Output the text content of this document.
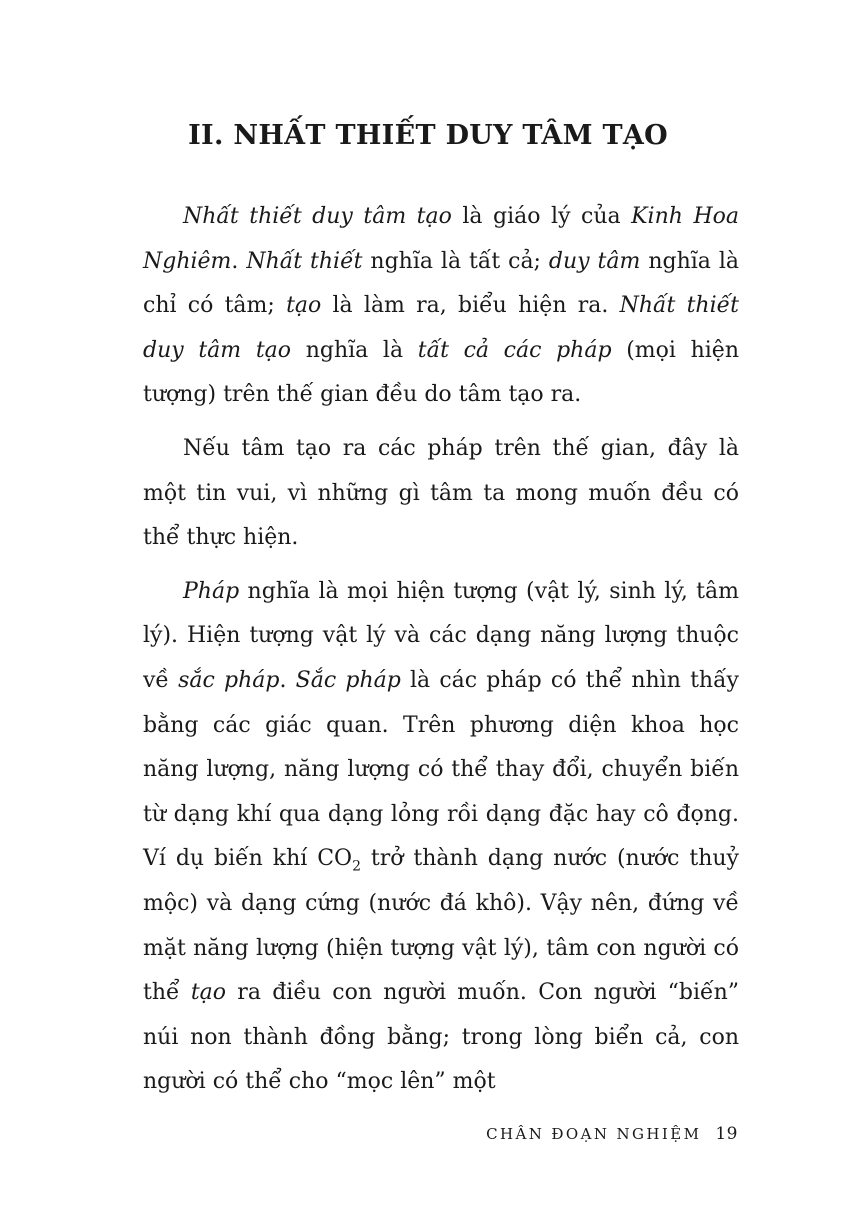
II. NHẤT THIẾT DUY TÂM TẠO

Nhất thiết duy tâm tạo là giáo lý của Kinh Hoa Nghiêm. Nhất thiết nghĩa là tất cả; duy tâm nghĩa là chỉ có tâm; tạo là làm ra, biểu hiện ra. Nhất thiết duy tâm tạo nghĩa là tất cả các pháp (mọi hiện tượng) trên thế gian đều do tâm tạo ra.

Nếu tâm tạo ra các pháp trên thế gian, đây là một tin vui, vì những gì tâm ta mong muốn đều có thể thực hiện.

Pháp nghĩa là mọi hiện tượng (vật lý, sinh lý, tâm lý). Hiện tượng vật lý và các dạng năng lượng thuộc về sắc pháp. Sắc pháp là các pháp có thể nhìn thấy bằng các giác quan. Trên phương diện khoa học năng lượng, năng lượng có thể thay đổi, chuyển biến từ dạng khí qua dạng lỏng rồi dạng đặc hay cô đọng. Ví dụ biến khí $CO_2$ trở thành dạng nước (nước thuỷ mộc) và dạng cứng (nước đá khô). Vậy nên, đứng về mặt năng lượng (hiện tượng vật lý), tâm con người có thể tạo ra điều con người muốn. Con người “biến” núi non thành đồng bằng; trong lòng biển cả, con người có thể cho “mọc lên” một

CHÂN ĐOẠN NGHIỆM 19
